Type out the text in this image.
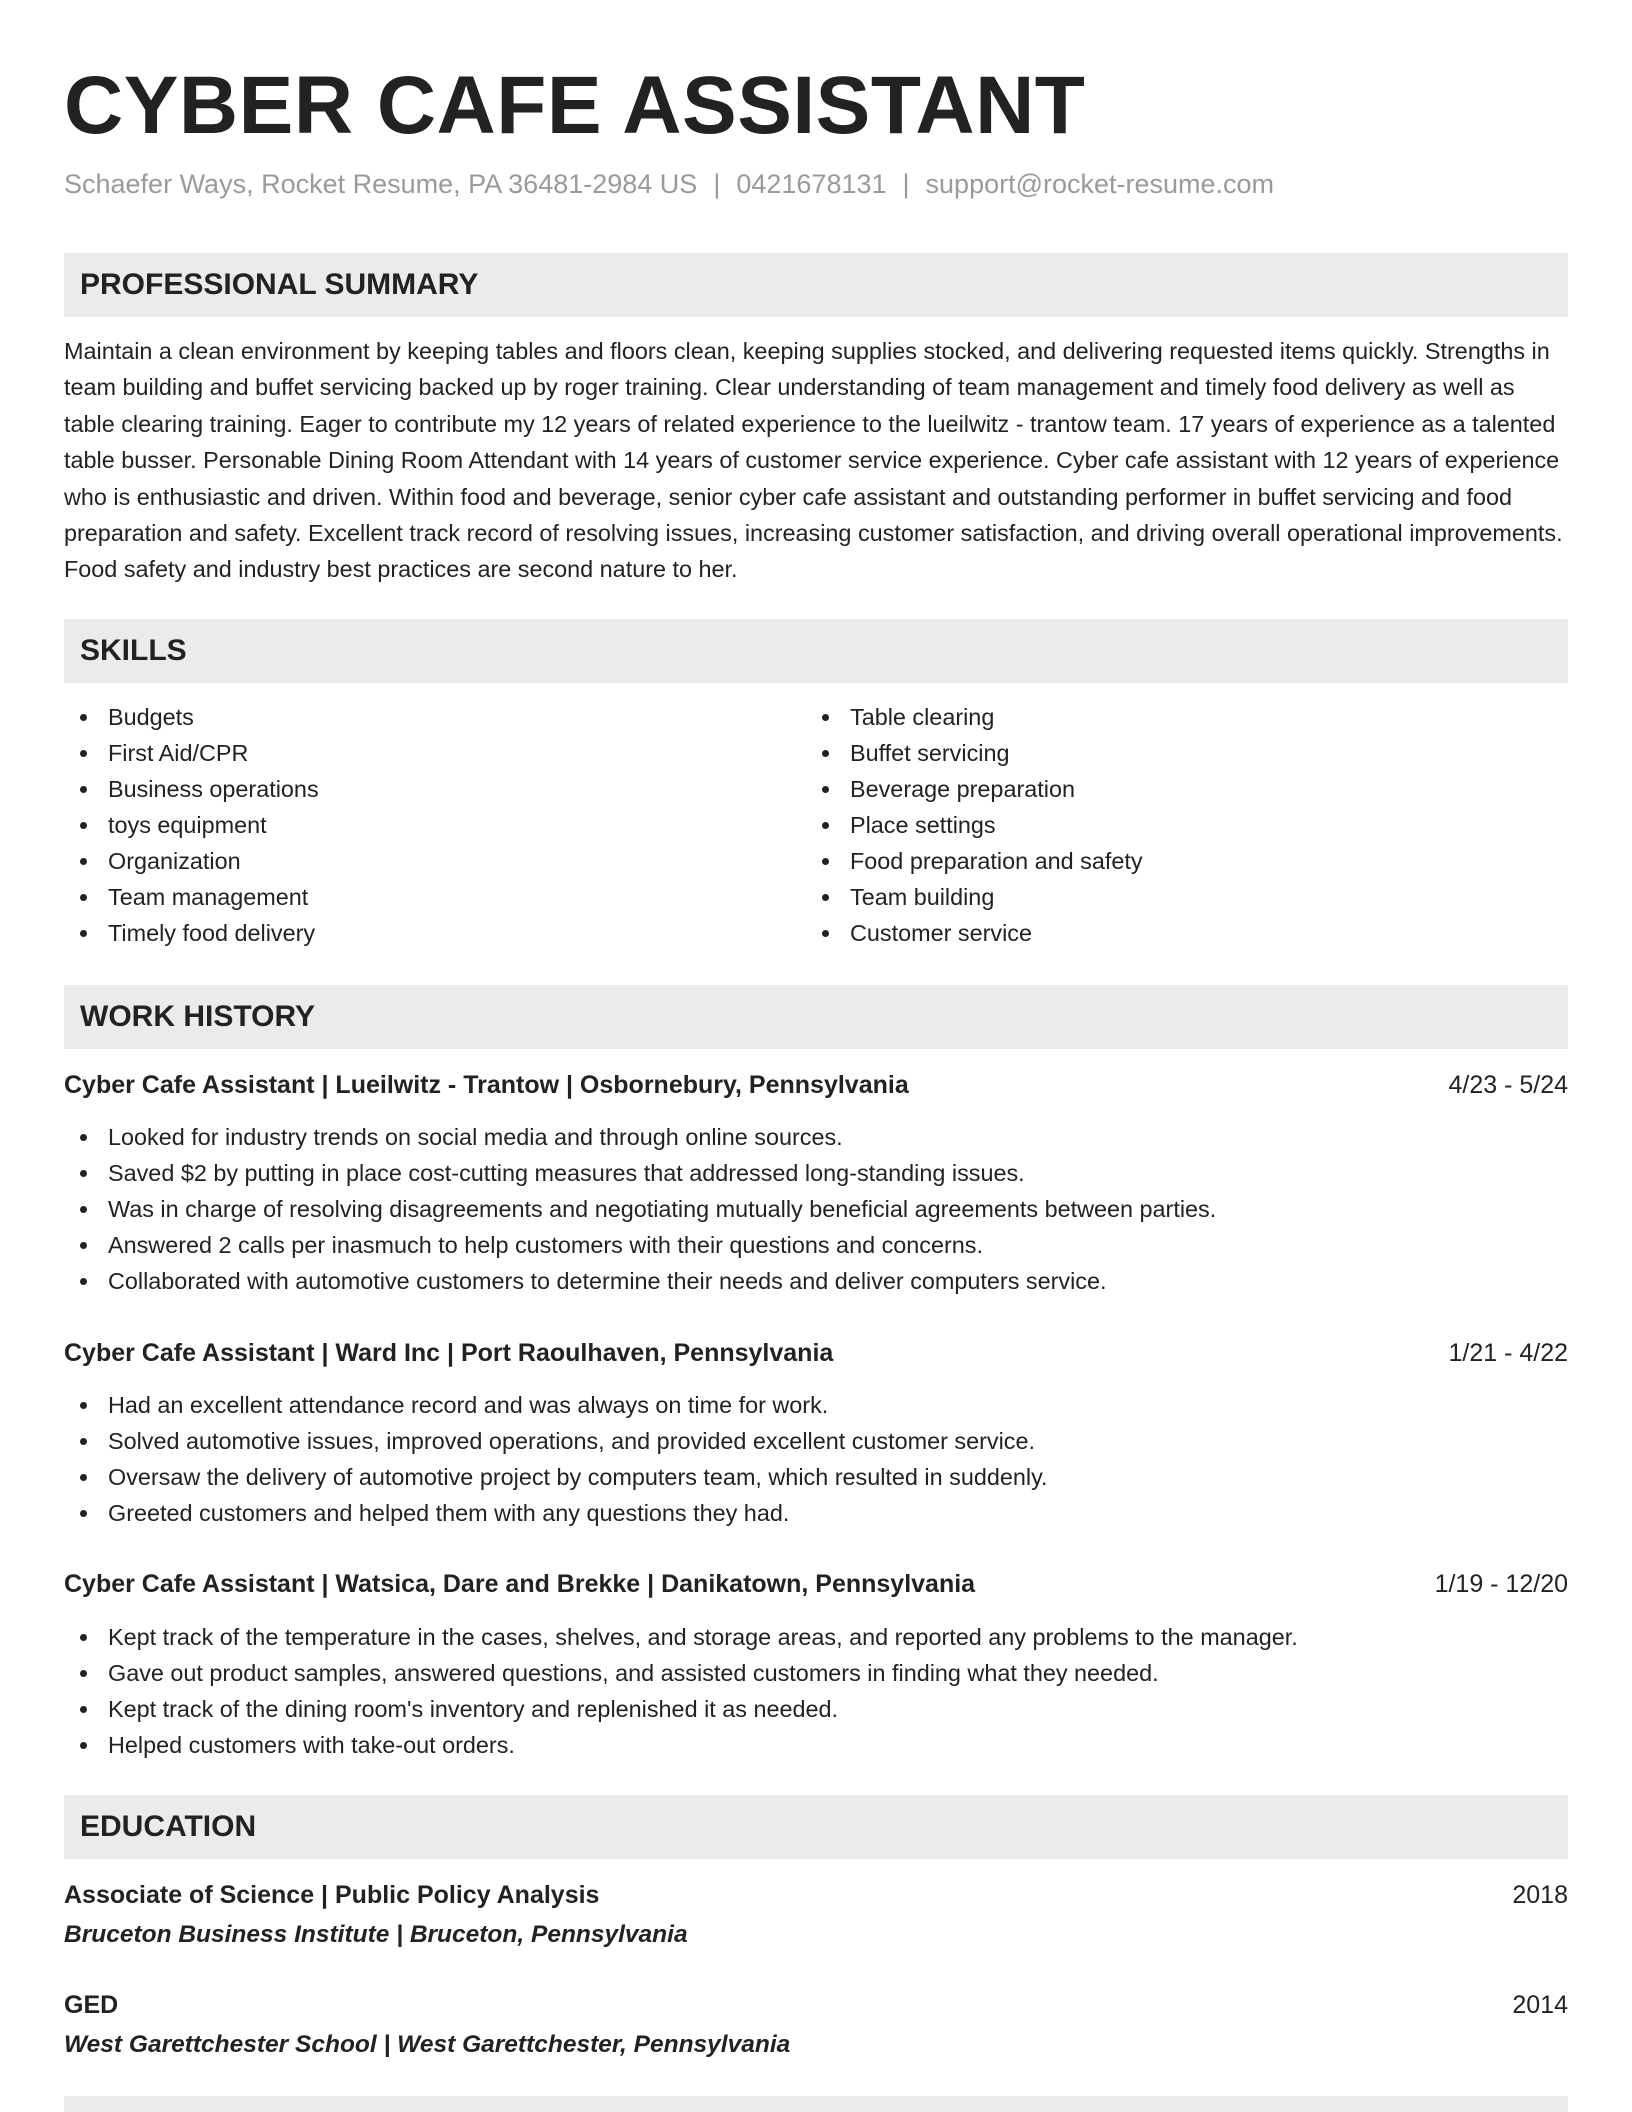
CYBER CAFE ASSISTANT
Schaefer Ways, Rocket Resume, PA 36481-2984 US | 0421678131 | support@rocket-resume.com
PROFESSIONAL SUMMARY

Maintain a clean environment by keeping tables and floors clean, keeping supplies stocked, and delivering requested items quickly. Strengths in team building and buffet servicing backed up by roger training. Clear understanding of team management and timely food delivery as well as table clearing training. Eager to contribute my 12 years of related experience to the lueilwitz - trantow team. 17 years of experience as a talented table busser. Personable Dining Room Attendant with 14 years of customer service experience. Cyber cafe assistant with 12 years of experience who is enthusiastic and driven. Within food and beverage, senior cyber cafe assistant and outstanding performer in buffet servicing and food preparation and safety. Excellent track record of resolving issues, increasing customer satisfaction, and driving overall operational improvements. Food safety and industry best practices are second nature to her.

SKILLS
Budgets
First Aid/CPR
Business operations
toys equipment
Organization
Team management
Timely food delivery
Table clearing
Buffet servicing
Beverage preparation
Place settings
Food preparation and safety
Team building
Customer service
WORK HISTORY
Cyber Cafe Assistant | Lueilwitz - Trantow | Osbornebury, Pennsylvania	4/23 - 5/24
Looked for industry trends on social media and through online sources.
Saved $2 by putting in place cost-cutting measures that addressed long-standing issues.
Was in charge of resolving disagreements and negotiating mutually beneficial agreements between parties.
Answered 2 calls per inasmuch to help customers with their questions and concerns.
Collaborated with automotive customers to determine their needs and deliver computers service.
Cyber Cafe Assistant | Ward Inc | Port Raoulhaven, Pennsylvania	1/21 - 4/22
Had an excellent attendance record and was always on time for work.
Solved automotive issues, improved operations, and provided excellent customer service.
Oversaw the delivery of automotive project by computers team, which resulted in suddenly.
Greeted customers and helped them with any questions they had.
Cyber Cafe Assistant | Watsica, Dare and Brekke | Danikatown, Pennsylvania	1/19 - 12/20
Kept track of the temperature in the cases, shelves, and storage areas, and reported any problems to the manager.
Gave out product samples, answered questions, and assisted customers in finding what they needed.
Kept track of the dining room's inventory and replenished it as needed.
Helped customers with take-out orders.
EDUCATION
Associate of Science | Public Policy Analysis	2018
Bruceton Business Institute | Bruceton, Pennsylvania
GED	2014
West Garettchester School | West Garettchester, Pennsylvania
